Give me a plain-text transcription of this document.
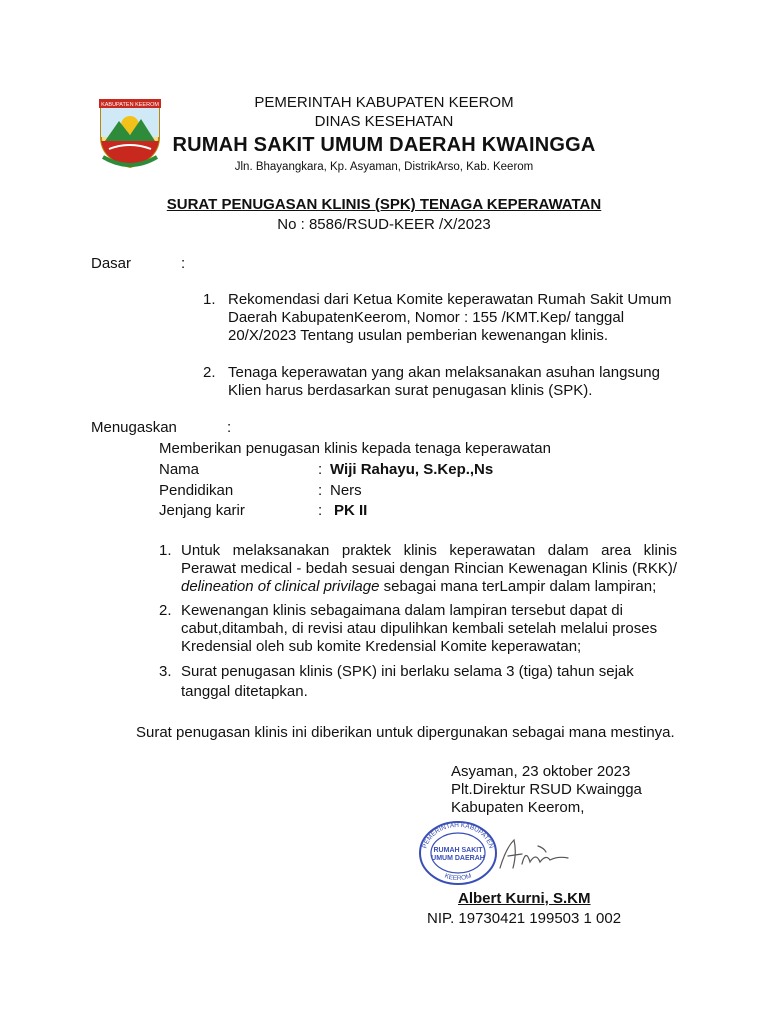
KABUPATEN KEEROM	PEMERINTAH KABUPATEN KEEROM
DINAS KESEHATAN
RUMAH SAKIT UMUM DAERAH KWAINGGA
Jln. Bhayangkara, Kp. Asyaman, DistrikArso, Kab. Keerom
SURAT PENUGASAN KLINIS (SPK) TENAGA KEPERAWATAN
No : 8586/RSUD-KEER /X/2023
Dasar	:
1. Rekomendasi dari Ketua Komite keperawatan Rumah Sakit Umum
Daerah KabupatenKeerom, Nomor : 155 /KMT.Kep/ tanggal
20/X/2023 Tentang usulan pemberian kewenangan klinis.
2. Tenaga keperawatan yang akan melaksanakan asuhan langsung
Klien harus berdasarkan surat penugasan klinis (SPK).
Menugaskan	:
Memberikan penugasan klinis kepada tenaga keperawatan
Nama	: Wiji Rahayu, S.Kep.,Ns
Pendidikan	: Ners
Jenjang karir	: PK II
1. Untuk melaksanakan praktek klinis keperawatan dalam area klinis
Perawat medical - bedah sesuai dengan Rincian Kewenagan Klinis (RKK)/
delineation of clinical privilage sebagai mana terLampir dalam lampiran;
2. Kewenangan klinis sebagaimana dalam lampiran tersebut dapat di
cabut,ditambah, di revisi atau dipulihkan kembali setelah melalui proses
Kredensial oleh sub komite Kredensial Komite keperawatan;
3. Surat penugasan klinis (SPK) ini berlaku selama 3 (tiga) tahun sejak
tanggal ditetapkan.
Surat penugasan klinis ini diberikan untuk dipergunakan sebagai mana mestinya.
Asyaman, 23 oktober 2023
Plt.Direktur RSUD Kwaingga
Kabupaten Keerom,
PEMERINTAH KABUPATEN
KEEROM
RUMAH SAKIT
UMUM DAERAH
Albert Kurni, S.KM
NIP. 19730421 199503 1 002
